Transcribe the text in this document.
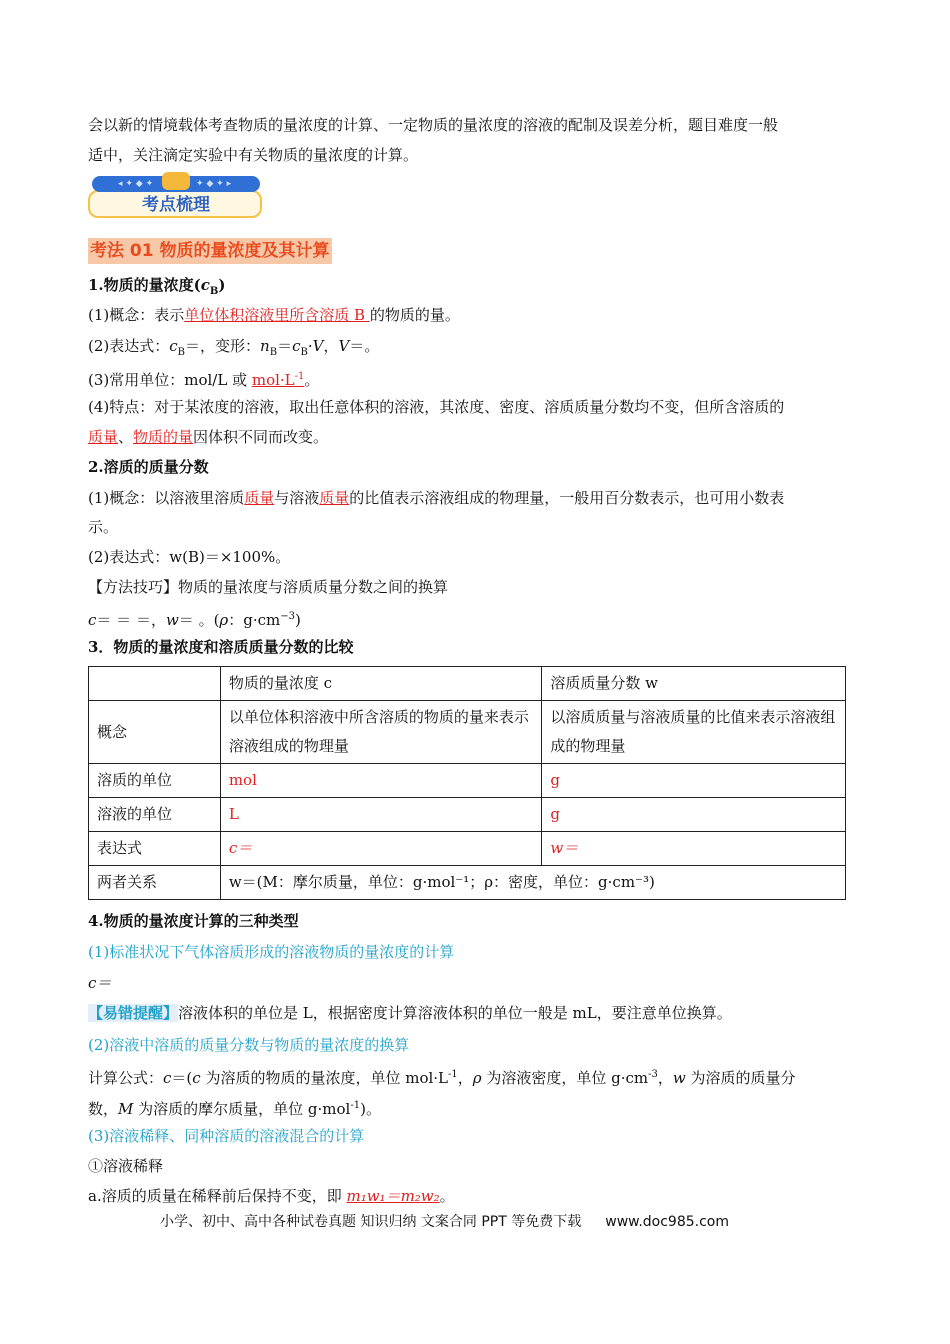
会以新的情境载体考查物质的量浓度的计算、一定物质的量浓度的溶液的配制及误差分析，题目难度一般
适中，关注滴定实验中有关物质的量浓度的计算。
◂ ✦ ◆ ✦	✦ ◆ ✦ ▸
考点梳理
考法 01 物质的量浓度及其计算
1.物质的量浓度$(c_B)$
(1)概念：表示单位体积溶液里所含溶质 B 的物质的量。
(2)表达式：$c_B=$，变形：$n_B=c_B\cdot V$，V＝。
(3)常用单位：mol/L 或 $mol\cdot L^{-1}$。
(4)特点：对于某浓度的溶液，取出任意体积的溶液，其浓度、密度、溶质质量分数均不变，但所含溶质的
质量、物质的量因体积不同而改变。
2.溶质的质量分数
(1)概念：以溶液里溶质质量与溶液质量的比值表示溶液组成的物理量，一般用百分数表示，也可用小数表
示。
(2)表达式：w(B)＝×100%。
【方法技巧】物质的量浓度与溶质质量分数之间的换算
c＝ ＝ ＝，w＝ 。(ρ：$g\cdot cm^{-3}$)
3．物质的量浓度和溶质质量分数的比较
	物质的量浓度 c	溶质质量分数 w
概念	以单位体积溶液中所含溶质的物质的量来表示溶液组成的物理量	以溶质质量与溶液质量的比值来表示溶液组成的物理量
溶质的单位	mol	g
溶液的单位	L	g
表达式	c＝	w＝
两者关系	w＝(M：摩尔质量，单位：g·mol⁻¹；ρ：密度，单位：g·cm⁻³)	
4.物质的量浓度计算的三种类型
(1)标准状况下气体溶质形成的溶液物质的量浓度的计算
c＝
【易错提醒】溶液体积的单位是 L，根据密度计算溶液体积的单位一般是 mL，要注意单位换算。
(2)溶液中溶质的质量分数与物质的量浓度的换算
计算公式：c＝(c 为溶质的物质的量浓度，单位 $mol\cdot L^{-1}$，ρ 为溶液密度，单位 $g\cdot cm^{-3}$，w 为溶质的质量分
数，M 为溶质的摩尔质量，单位 g·mol$^{-1}$)。
(3)溶液稀释、同种溶质的溶液混合的计算
①溶液稀释
a.溶质的质量在稀释前后保持不变，即 m₁w₁＝m₂w₂。
小学、初中、高中各种试卷真题 知识归纳 文案合同 PPT 等免费下载 www.doc985.com
